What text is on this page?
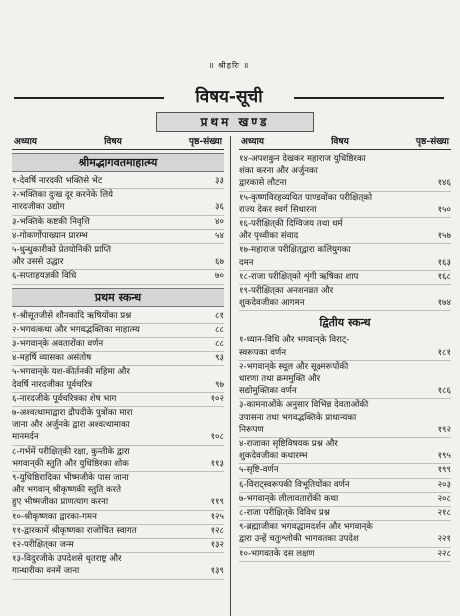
॥ श्रीहरिः ॥
विषय-सूची
प्रथम खण्ड
अध्याय	विषय	पृष्ठ-संख्या
श्रीमद्भागवतमाहात्म्य
१-देवर्षि नारदकी भक्तिसे भेंट	३३
२-भक्तिका दुःख दूर करनेके लिये
नारदजीका उद्योग	३६
३-भक्तिके कष्टकी निवृत्ति	४०
४-गोकर्णोपाख्यान प्रारम्भ	५४
५-धुन्धुकारीको प्रेतयोनिकी प्राप्ति
और उससे उद्धार	६७
६-सप्ताहयज्ञकी विधि	७०
प्रथम स्कन्ध
१-श्रीसूतजीसे शौनकादि ऋषियोंका प्रश्न	८१
२-भगवत्कथा और भगवद्भक्तिका माहात्म्य	८८
३-भगवान्‌के अवतारोंका वर्णन	८८
४-महर्षि व्यासका असंतोष	९३
५-भगवान्‌के यश-कीर्तनकी महिमा और
देवर्षि नारदजीका पूर्वचरित्र	९७
६-नारदजीके पूर्वचरित्रका शेष भाग	१०२
७-अश्वत्थामाद्वारा द्रौपदीके पुत्रोंका मारा
जाना और अर्जुनके द्वारा अश्वत्थामाका
मानमर्दन	१०८
८-गर्भमें परीक्षित्‌की रक्षा, कुन्तीके द्वारा
भगवान्‌की स्तुति और युधिष्ठिरका शोक	११३
९-युधिष्ठिरादिका भीष्मजीके पास जाना
और भगवान् श्रीकृष्णकी स्तुति करते
हुए भीष्मजीका प्राणत्याग करना	११९
१०-श्रीकृष्णका द्वारका-गमन	१२५
११-द्वारकामें श्रीकृष्णका राजोचित स्वागत	१२८
१२-परीक्षित्‌का जन्म	१३२
१३-विदुरजीके उपदेशसे धृतराष्ट्र और
गान्धारीका वनमें जाना	१३९
अध्याय	विषय	पृष्ठ-संख्या
१४-अपशकुन देखकर महाराज युधिष्ठिरका
शंका करना और अर्जुनका
द्वारकासे लौटना	१४६
१५-कृष्णविरहव्यथित पाण्डवोंका परीक्षित्‌को
राज्य देकर स्वर्ग सिधारना	१५०
१६-परीक्षित्‌की दिग्विजय तथा धर्म
और पृथ्वीका संवाद	१५७
१७-महाराज परीक्षित्‌द्वारा कलियुगका
दमन	१६३
१८-राजा परीक्षित्‌को शृंगी ऋषिका शाप	१६८
१९-परीक्षित्‌का अनशनव्रत और
शुकदेवजीका आगमन	१७४
द्वितीय स्कन्ध
१-ध्यान-विधि और भगवान्‌के विराट्-
स्वरूपका वर्णन	१८१
२-भगवान्‌के स्थूल और सूक्ष्मरूपोंकी
धारणा तथा क्रममुक्ति और
सद्योमुक्तिका वर्णन	१८६
३-कामनाओंके अनुसार विभिन्न देवताओंकी
उपासना तथा भगवद्भक्तिके प्राधान्यका
निरूपण	१९२
४-राजाका सृष्टिविषयक प्रश्न और
शुकदेवजीका कथारम्भ	१९५
५-सृष्टि-वर्णन	१९९
६-विराट्‌स्वरूपकी विभूतियोंका वर्णन	२०३
७-भगवान्‌के लीलावतारोंकी कथा	२०८
८-राजा परीक्षित्‌के विविध प्रश्न	२१८
९-ब्रह्माजीका भगवद्धामदर्शन और भगवान्‌के
द्वारा उन्हें चतुःश्लोकी भागवतका उपदेश	२२१
१०-भागवतके दस लक्षण	२२८
